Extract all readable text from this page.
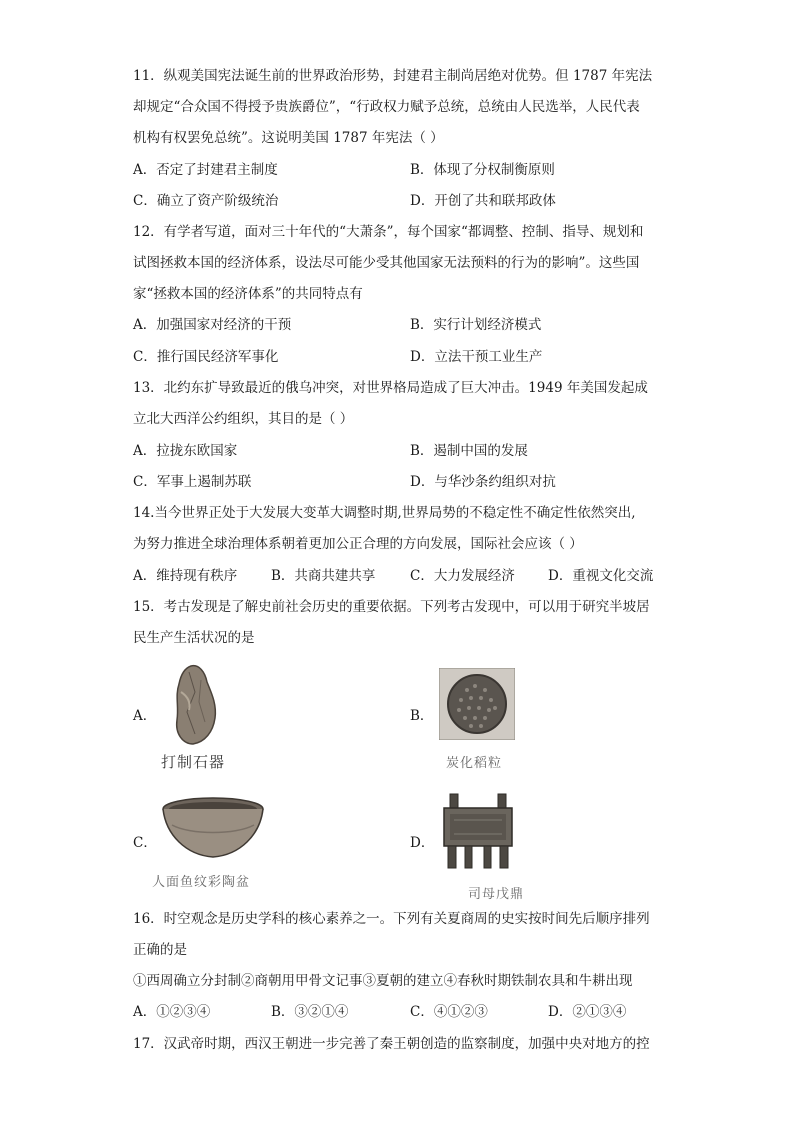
11．纵观美国宪法诞生前的世界政治形势，封建君主制尚居绝对优势。但 1787 年宪法
却规定“合众国不得授予贵族爵位”，“行政权力赋予总统，总统由人民选举，人民代表
机构有权罢免总统”。这说明美国 1787 年宪法（ ）
A．否定了封建君主制度	B．体现了分权制衡原则
C．确立了资产阶级统治	D．开创了共和联邦政体
12．有学者写道，面对三十年代的“大萧条”，每个国家“都调整、控制、指导、规划和
试图拯救本国的经济体系，设法尽可能少受其他国家无法预料的行为的影响”。这些国
家“拯救本国的经济体系”的共同特点有
A．加强国家对经济的干预	B．实行计划经济模式
C．推行国民经济军事化	D．立法干预工业生产
13．北约东扩导致最近的俄乌冲突，对世界格局造成了巨大冲击。1949 年美国发起成
立北大西洋公约组织，其目的是（ ）
A．拉拢东欧国家	B．遏制中国的发展
C．军事上遏制苏联	D．与华沙条约组织对抗
14.当今世界正处于大发展大变革大调整时期,世界局势的不稳定性不确定性依然突出,
为努力推进全球治理体系朝着更加公正合理的方向发展，国际社会应该（ ）
A．维持现有秩序	B．共商共建共享	C．大力发展经济 D．重视文化交流
15．考古发现是了解史前社会历史的重要依据。下列考古发现中，可以用于研究半坡居
民生产生活状况的是
A．
打制石器
B．
炭化稻粒
C．
人面鱼纹彩陶盆
D．
司母戊鼎
16．时空观念是历史学科的核心素养之一。下列有关夏商周的史实按时间先后顺序排列
正确的是
①西周确立分封制②商朝用甲骨文记事③夏朝的建立④春秋时期铁制农具和牛耕出现
A．①②③④	B．③②①④	C．④①②③	D．②①③④
17．汉武帝时期，西汉王朝进一步完善了秦王朝创造的监察制度，加强中央对地方的控
